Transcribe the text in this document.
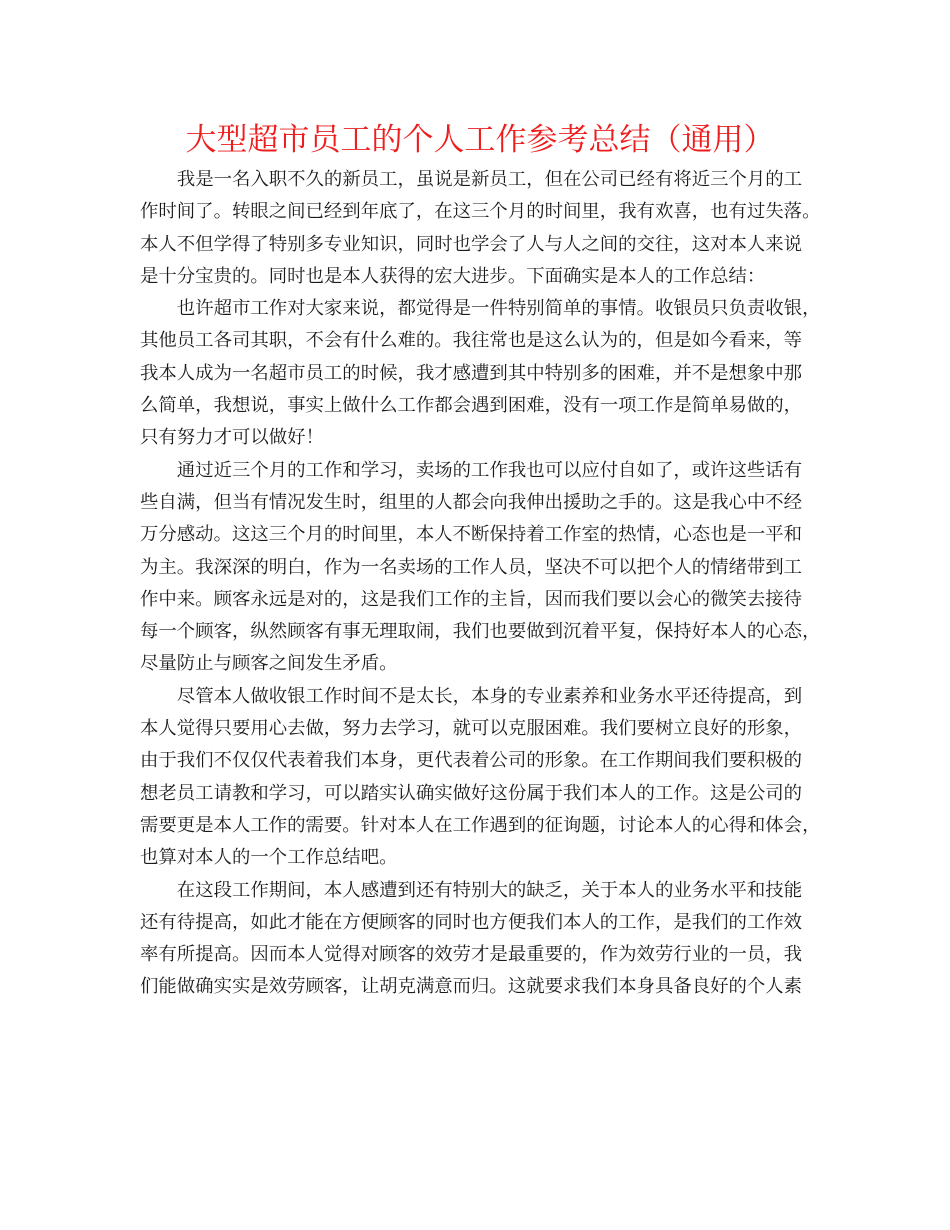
大型超市员工的个人工作参考总结（通用）

我是一名入职不久的新员工，虽说是新员工，但在公司已经有将近三个月的工
作时间了。转眼之间已经到年底了，在这三个月的时间里，我有欢喜，也有过失落。
本人不但学得了特别多专业知识，同时也学会了人与人之间的交往，这对本人来说
是十分宝贵的。同时也是本人获得的宏大进步。下面确实是本人的工作总结：

也许超市工作对大家来说，都觉得是一件特别简单的事情。收银员只负责收银，
其他员工各司其职，不会有什么难的。我往常也是这么认为的，但是如今看来，等
我本人成为一名超市员工的时候，我才感遭到其中特别多的困难，并不是想象中那
么简单，我想说，事实上做什么工作都会遇到困难，没有一项工作是简单易做的，
只有努力才可以做好！

通过近三个月的工作和学习，卖场的工作我也可以应付自如了，或许这些话有
些自满，但当有情况发生时，组里的人都会向我伸出援助之手的。这是我心中不经
万分感动。这这三个月的时间里，本人不断保持着工作室的热情，心态也是一平和
为主。我深深的明白，作为一名卖场的工作人员，坚决不可以把个人的情绪带到工
作中来。顾客永远是对的，这是我们工作的主旨，因而我们要以会心的微笑去接待
每一个顾客，纵然顾客有事无理取闹，我们也要做到沉着平复，保持好本人的心态，
尽量防止与顾客之间发生矛盾。

尽管本人做收银工作时间不是太长，本身的专业素养和业务水平还待提高，到
本人觉得只要用心去做，努力去学习，就可以克服困难。我们要树立良好的形象，
由于我们不仅仅代表着我们本身，更代表着公司的形象。在工作期间我们要积极的
想老员工请教和学习，可以踏实认确实做好这份属于我们本人的工作。这是公司的
需要更是本人工作的需要。针对本人在工作遇到的征询题，讨论本人的心得和体会，
也算对本人的一个工作总结吧。

在这段工作期间，本人感遭到还有特别大的缺乏，关于本人的业务水平和技能
还有待提高，如此才能在方便顾客的同时也方便我们本人的工作，是我们的工作效
率有所提高。因而本人觉得对顾客的效劳才是最重要的，作为效劳行业的一员，我
们能做确实实是效劳顾客，让胡克满意而归。这就要求我们本身具备良好的个人素
